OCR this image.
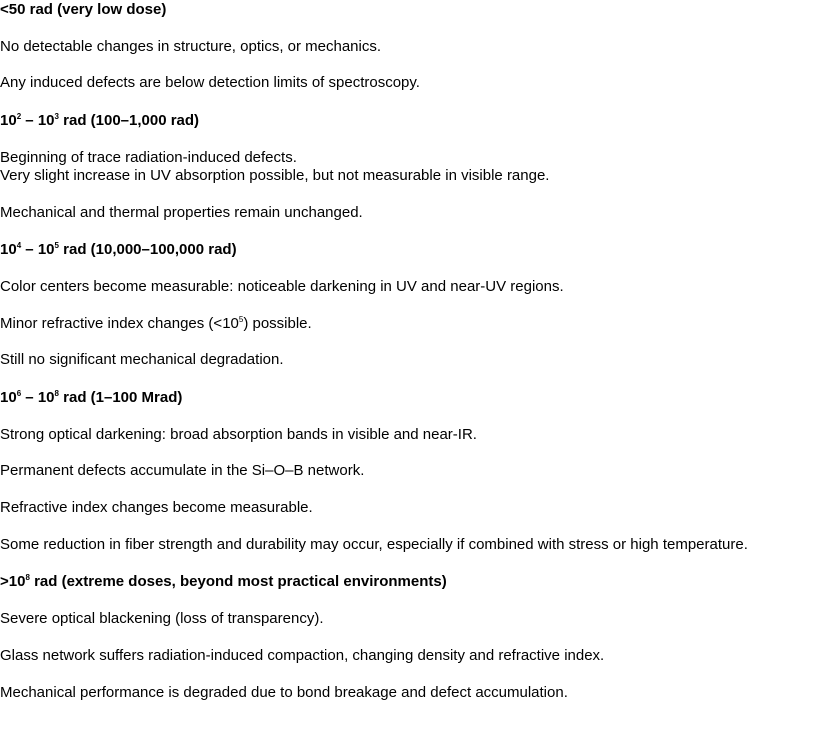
<50 rad (very low dose)
No detectable changes in structure, optics, or mechanics.
Any induced defects are below detection limits of spectroscopy.
$10^2 - 10^3$ rad (100–1,000 rad)
Beginning of trace radiation-induced defects.
Very slight increase in UV absorption possible, but not measurable in visible range.
Mechanical and thermal properties remain unchanged.
$10^4 - 10^5$ rad (10,000–100,000 rad)
Color centers become measurable: noticeable darkening in UV and near-UV regions.
Minor refractive index changes $(<10^5)$ possible.
Still no significant mechanical degradation.
$10^6 - 10^8$ rad (1–100 Mrad)
Strong optical darkening: broad absorption bands in visible and near-IR.
Permanent defects accumulate in the Si–O–B network.
Refractive index changes become measurable.
Some reduction in fiber strength and durability may occur, especially if combined with stress or high temperature.
$>10^8$ rad (extreme doses, beyond most practical environments)
Severe optical blackening (loss of transparency).
Glass network suffers radiation-induced compaction, changing density and refractive index.
Mechanical performance is degraded due to bond breakage and defect accumulation.
